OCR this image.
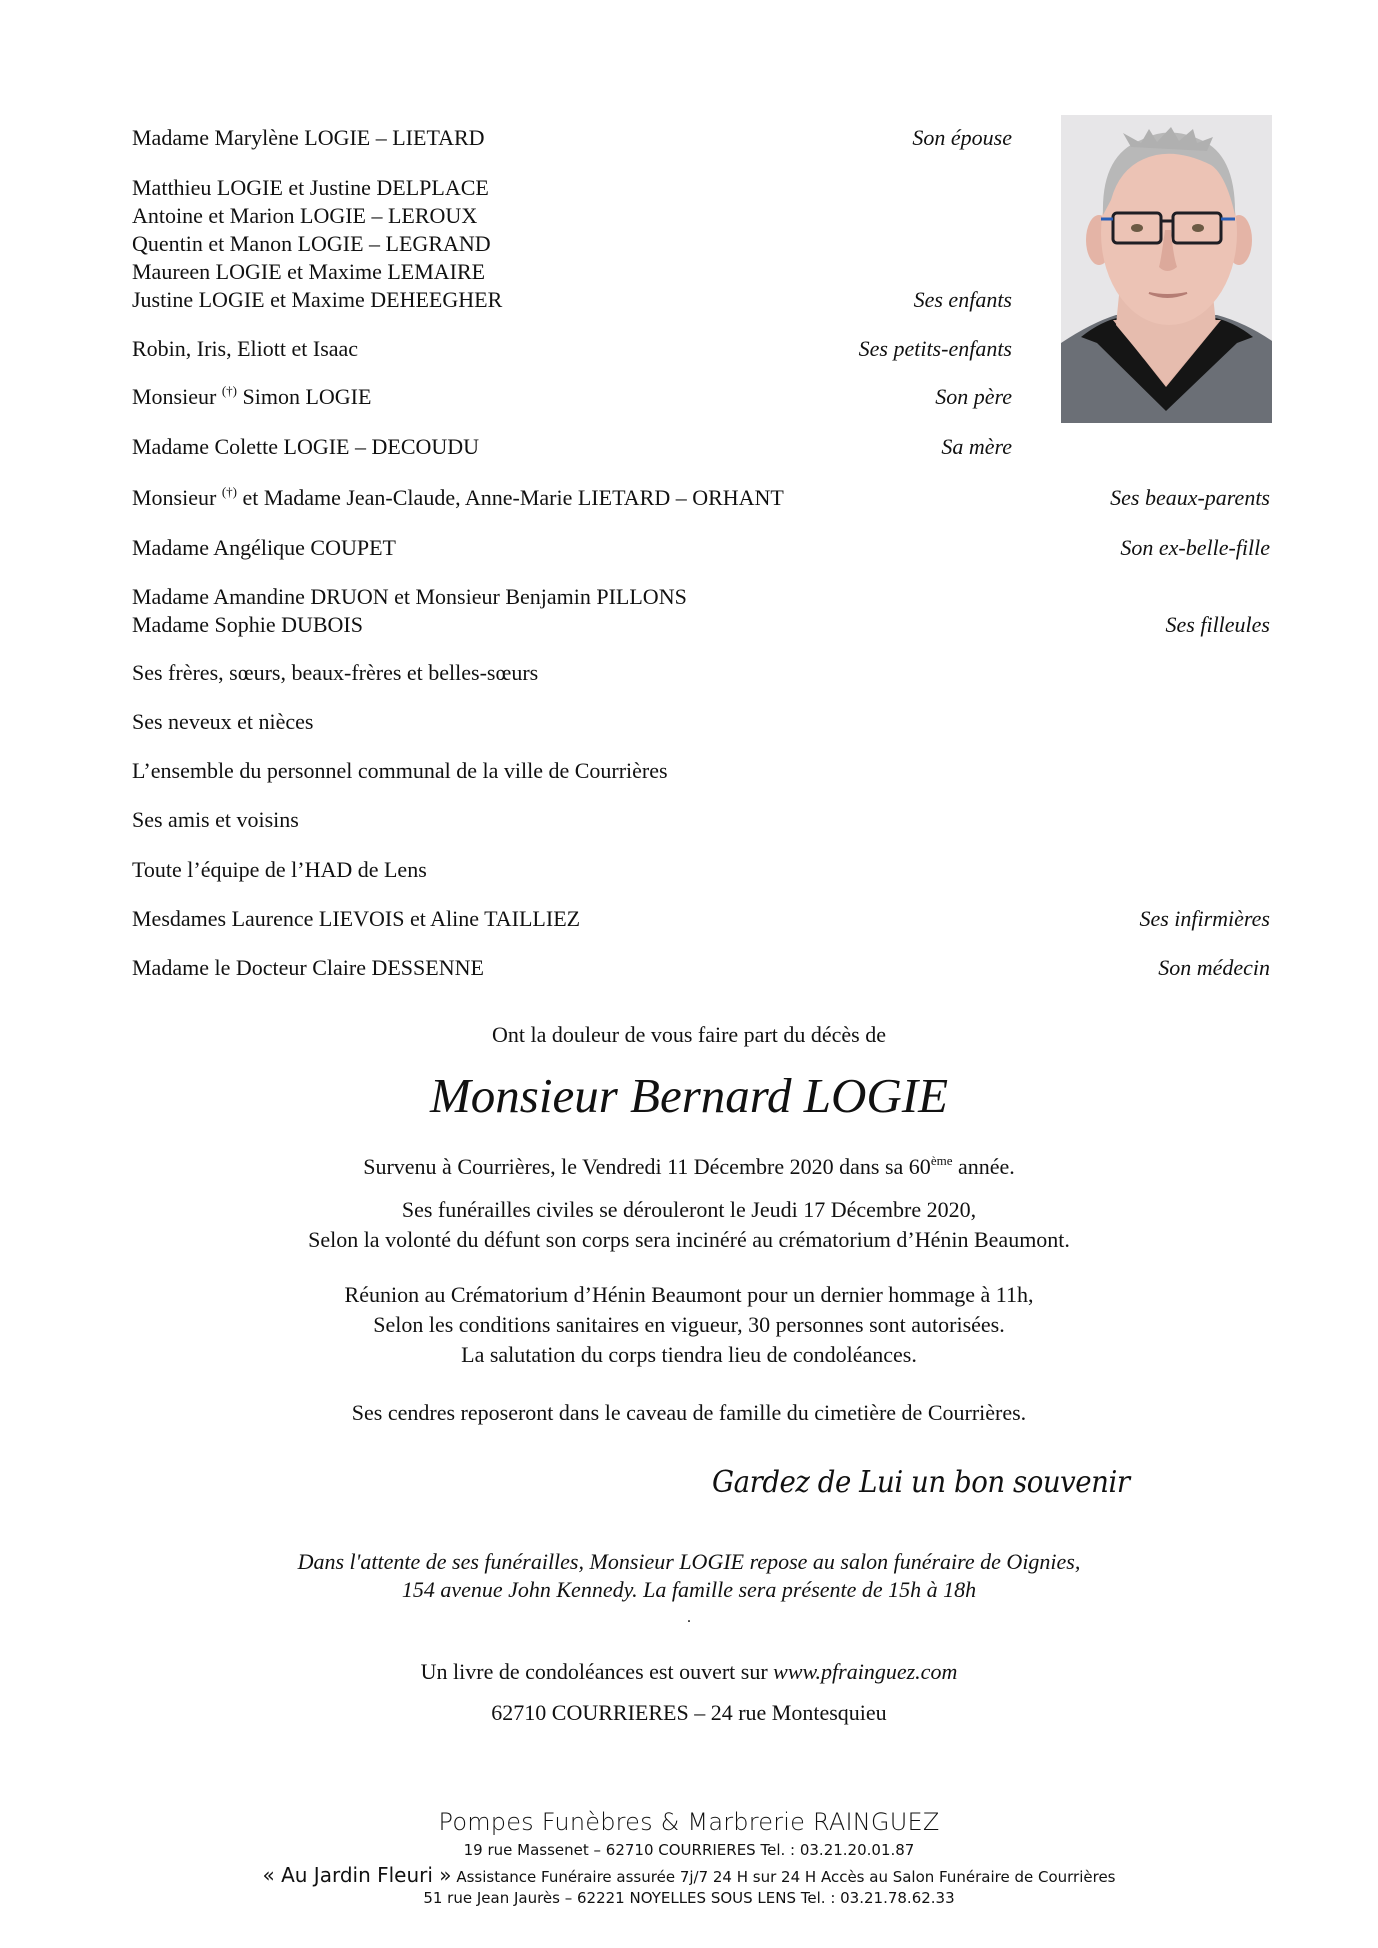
Madame Marylène LOGIE – LIETARD
Matthieu LOGIE et Justine DELPLACE
Antoine et Marion LOGIE – LEROUX
Quentin et Manon LOGIE – LEGRAND
Maureen LOGIE et Maxime LEMAIRE
Justine LOGIE et Maxime DEHEEGHER
Robin, Iris, Eliott et Isaac
Monsieur (†) Simon LOGIE
Madame Colette LOGIE – DECOUDU
Monsieur (†) et Madame Jean-Claude, Anne-Marie LIETARD – ORHANT
Madame Angélique COUPET
Madame Amandine DRUON et Monsieur Benjamin PILLONS
Madame Sophie DUBOIS
Ses frères, sœurs, beaux-frères et belles-sœurs
Ses neveux et nièces
L’ensemble du personnel communal de la ville de Courrières
Ses amis et voisins
Toute l’équipe de l’HAD de Lens
Mesdames Laurence LIEVOIS et Aline TAILLIEZ
Madame le Docteur Claire DESSENNE
Son épouse
Ses enfants
Ses petits-enfants
Son père
Sa mère
Ses beaux-parents
Son ex-belle-fille
Ses filleules
Ses infirmières
Son médecin
Ont la douleur de vous faire part du décès de
Monsieur Bernard LOGIE
Survenu à Courrières, le Vendredi 11 Décembre 2020 dans sa 60ème année.
Ses funérailles civiles se dérouleront le Jeudi 17 Décembre 2020,
Selon la volonté du défunt son corps sera incinéré au crématorium d’Hénin Beaumont.
Réunion au Crématorium d’Hénin Beaumont pour un dernier hommage à 11h,
Selon les conditions sanitaires en vigueur, 30 personnes sont autorisées.
La salutation du corps tiendra lieu de condoléances.
Ses cendres reposeront dans le caveau de famille du cimetière de Courrières.
Gardez de Lui un bon souvenir
Dans l'attente de ses funérailles, Monsieur LOGIE repose au salon funéraire de Oignies,
154 avenue John Kennedy. La famille sera présente de 15h à 18h
.
Un livre de condoléances est ouvert sur www.pfrainguez.com
62710 COURRIERES – 24 rue Montesquieu
Pompes Funèbres & Marbrerie RAINGUEZ
19 rue Massenet – 62710 COURRIERES Tel. : 03.21.20.01.87
« Au Jardin Fleuri » Assistance Funéraire assurée 7j/7 24 H sur 24 H Accès au Salon Funéraire de Courrières
51 rue Jean Jaurès – 62221 NOYELLES SOUS LENS Tel. : 03.21.78.62.33
